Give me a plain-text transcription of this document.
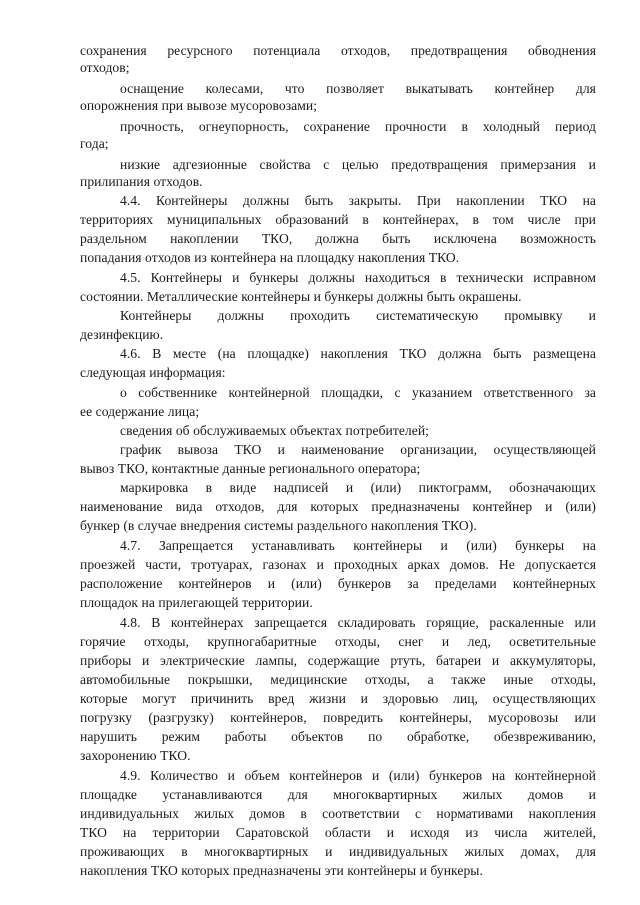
сохранения ресурсного потенциала отходов, предотвращения обводнения
отходов;
оснащение колесами, что позволяет выкатывать контейнер для
опорожнения при вывозе мусоровозами;
прочность, огнеупорность, сохранение прочности в холодный период
года;
низкие адгезионные свойства с целью предотвращения примерзания и
прилипания отходов.
4.4. Контейнеры должны быть закрыты. При накоплении ТКО на
территориях муниципальных образований в контейнерах, в том числе при
раздельном накоплении ТКО, должна быть исключена возможность
попадания отходов из контейнера на площадку накопления ТКО.
4.5. Контейнеры и бункеры должны находиться в технически исправном
состоянии. Металлические контейнеры и бункеры должны быть окрашены.
Контейнеры должны проходить систематическую промывку и
дезинфекцию.
4.6. В месте (на площадке) накопления ТКО должна быть размещена
следующая информация:
о собственнике контейнерной площадки, с указанием ответственного за
ее содержание лица;
сведения об обслуживаемых объектах потребителей;
график вывоза ТКО и наименование организации, осуществляющей
вывоз ТКО, контактные данные регионального оператора;
маркировка в виде надписей и (или) пиктограмм, обозначающих
наименование вида отходов, для которых предназначены контейнер и (или)
бункер (в случае внедрения системы раздельного накопления ТКО).
4.7. Запрещается устанавливать контейнеры и (или) бункеры на
проезжей части, тротуарах, газонах и проходных арках домов. Не допускается
расположение контейнеров и (или) бункеров за пределами контейнерных
площадок на прилегающей территории.
4.8. В контейнерах запрещается складировать горящие, раскаленные или
горячие отходы, крупногабаритные отходы, снег и лед, осветительные
приборы и электрические лампы, содержащие ртуть, батареи и аккумуляторы,
автомобильные покрышки, медицинские отходы, а также иные отходы,
которые могут причинить вред жизни и здоровью лиц, осуществляющих
погрузку (разгрузку) контейнеров, повредить контейнеры, мусоровозы или
нарушить режим работы объектов по обработке, обезвреживанию,
захоронению ТКО.
4.9. Количество и объем контейнеров и (или) бункеров на контейнерной
площадке устанавливаются для многоквартирных жилых домов и
индивидуальных жилых домов в соответствии с нормативами накопления
ТКО на территории Саратовской области и исходя из числа жителей,
проживающих в многоквартирных и индивидуальных жилых домах, для
накопления ТКО которых предназначены эти контейнеры и бункеры.
